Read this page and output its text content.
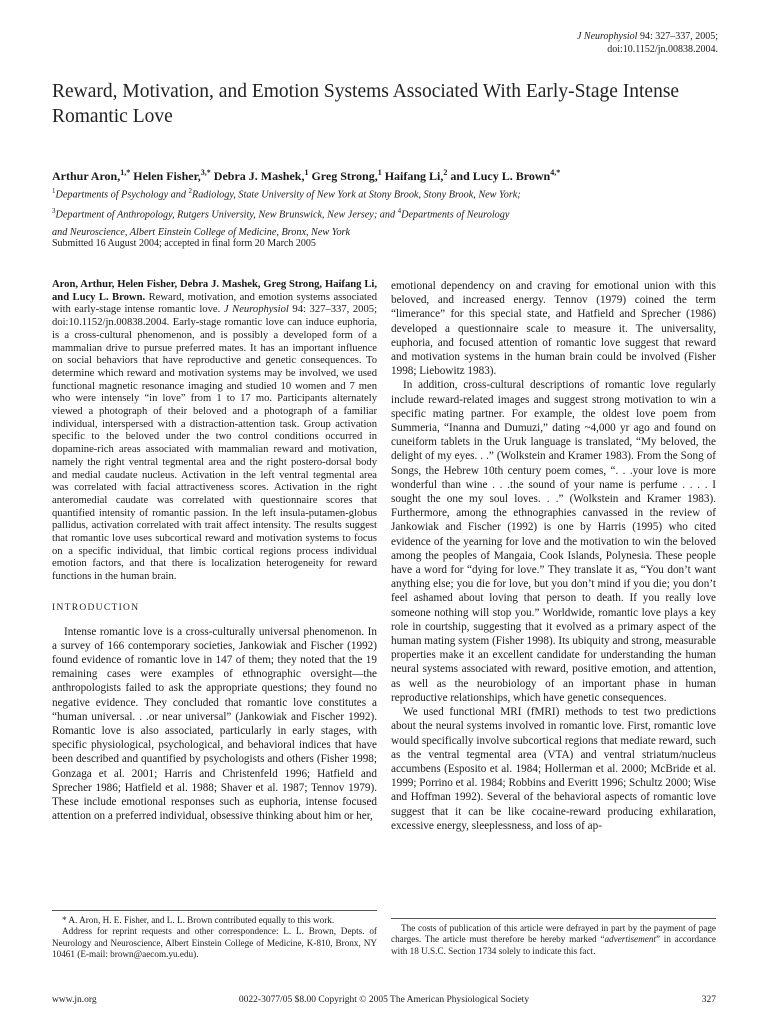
J Neurophysiol 94: 327–337, 2005;
doi:10.1152/jn.00838.2004.
Reward, Motivation, and Emotion Systems Associated With Early-Stage Intense Romantic Love
Arthur Aron,$^{1,*}$ Helen Fisher,$^{3,*}$ Debra J. Mashek,$^1$ Greg Strong,$^1$ Haifang Li,$^2$ and Lucy L. Brown$^{4,*}$
$^1$Departments of Psychology and $^2$Radiology, State University of New York at Stony Brook, Stony Brook, New York;
$^3$Department of Anthropology, Rutgers University, New Brunswick, New Jersey; and $^4$Departments of Neurology
and Neuroscience, Albert Einstein College of Medicine, Bronx, New York
Submitted 16 August 2004; accepted in final form 20 March 2005

Aron, Arthur, Helen Fisher, Debra J. Mashek, Greg Strong, Haifang Li, and Lucy L. Brown. Reward, motivation, and emotion systems associated with early-stage intense romantic love. J Neurophysiol 94: 327–337, 2005; doi:10.1152/jn.00838.2004. Early-stage romantic love can induce euphoria, is a cross-cultural phenomenon, and is possibly a developed form of a mammalian drive to pursue preferred mates. It has an important influence on social behaviors that have reproductive and genetic consequences. To determine which reward and motivation systems may be involved, we used functional magnetic resonance imaging and studied 10 women and 7 men who were intensely “in love” from 1 to 17 mo. Participants alternately viewed a photograph of their beloved and a photograph of a familiar individual, interspersed with a distraction-attention task. Group activation specific to the beloved under the two control conditions occurred in dopamine-rich areas associated with mammalian reward and motivation, namely the right ventral tegmental area and the right postero-dorsal body and medial caudate nucleus. Activation in the left ventral tegmental area was correlated with facial attractiveness scores. Activation in the right anteromedial caudate was correlated with questionnaire scores that quantified intensity of romantic passion. In the left insula-putamen-globus pallidus, activation correlated with trait affect intensity. The results suggest that romantic love uses subcortical reward and motivation systems to focus on a specific individual, that limbic cortical regions process individual emotion factors, and that there is localization heterogeneity for reward functions in the human brain.

INTRODUCTION

Intense romantic love is a cross-culturally universal phenomenon. In a survey of 166 contemporary societies, Jankowiak and Fischer (1992) found evidence of romantic love in 147 of them; they noted that the 19 remaining cases were examples of ethnographic oversight—the anthropologists failed to ask the appropriate questions; they found no negative evidence. They concluded that romantic love constitutes a “human universal. . .or near universal” (Jankowiak and Fischer 1992). Romantic love is also associated, particularly in early stages, with specific physiological, psychological, and behavioral indices that have been described and quantified by psychologists and others (Fisher 1998; Gonzaga et al. 2001; Harris and Christenfeld 1996; Hatfield and Sprecher 1986; Hatfield et al. 1988; Shaver et al. 1987; Tennov 1979). These include emotional responses such as euphoria, intense focused attention on a preferred individual, obsessive thinking about him or her,

emotional dependency on and craving for emotional union with this beloved, and increased energy. Tennov (1979) coined the term “limerance” for this special state, and Hatfield and Sprecher (1986) developed a questionnaire scale to measure it. The universality, euphoria, and focused attention of romantic love suggest that reward and motivation systems in the human brain could be involved (Fisher 1998; Liebowitz 1983).

In addition, cross-cultural descriptions of romantic love regularly include reward-related images and suggest strong motivation to win a specific mating partner. For example, the oldest love poem from Summeria, “Inanna and Dumuzi,” dating ~4,000 yr ago and found on cuneiform tablets in the Uruk language is translated, “My beloved, the delight of my eyes. . .” (Wolkstein and Kramer 1983). From the Song of Songs, the Hebrew 10th century poem comes, “. . .your love is more wonderful than wine . . .the sound of your name is perfume . . . . I sought the one my soul loves. . .” (Wolkstein and Kramer 1983). Furthermore, among the ethnographies canvassed in the review of Jankowiak and Fischer (1992) is one by Harris (1995) who cited evidence of the yearning for love and the motivation to win the beloved among the peoples of Mangaia, Cook Islands, Polynesia. These people have a word for “dying for love.” They translate it as, “You don’t want anything else; you die for love, but you don’t mind if you die; you don’t feel ashamed about loving that person to death. If you really love someone nothing will stop you.” Worldwide, romantic love plays a key role in courtship, suggesting that it evolved as a primary aspect of the human mating system (Fisher 1998). Its ubiquity and strong, measurable properties make it an excellent candidate for understanding the human neural systems associated with reward, positive emotion, and attention, as well as the neurobiology of an important phase in human reproductive relationships, which have genetic consequences.

We used functional MRI (fMRI) methods to test two predictions about the neural systems involved in romantic love. First, romantic love would specifically involve subcortical regions that mediate reward, such as the ventral tegmental area (VTA) and ventral striatum/nucleus accumbens (Esposito et al. 1984; Hollerman et al. 2000; McBride et al. 1999; Porrino et al. 1984; Robbins and Everitt 1996; Schultz 2000; Wise and Hoffman 1992). Several of the behavioral aspects of romantic love suggest that it can be like cocaine-reward producing exhilaration, excessive energy, sleeplessness, and loss of ap-

* A. Aron, H. E. Fisher, and L. L. Brown contributed equally to this work.

Address for reprint requests and other correspondence: L. L. Brown, Depts. of Neurology and Neuroscience, Albert Einstein College of Medicine, K-810, Bronx, NY 10461 (E-mail: brown@aecom.yu.edu).

The costs of publication of this article were defrayed in part by the payment of page charges. The article must therefore be hereby marked “advertisement” in accordance with 18 U.S.C. Section 1734 solely to indicate this fact.

www.jn.org	0022-3077/05 $8.00 Copyright © 2005 The American Physiological Society	327
